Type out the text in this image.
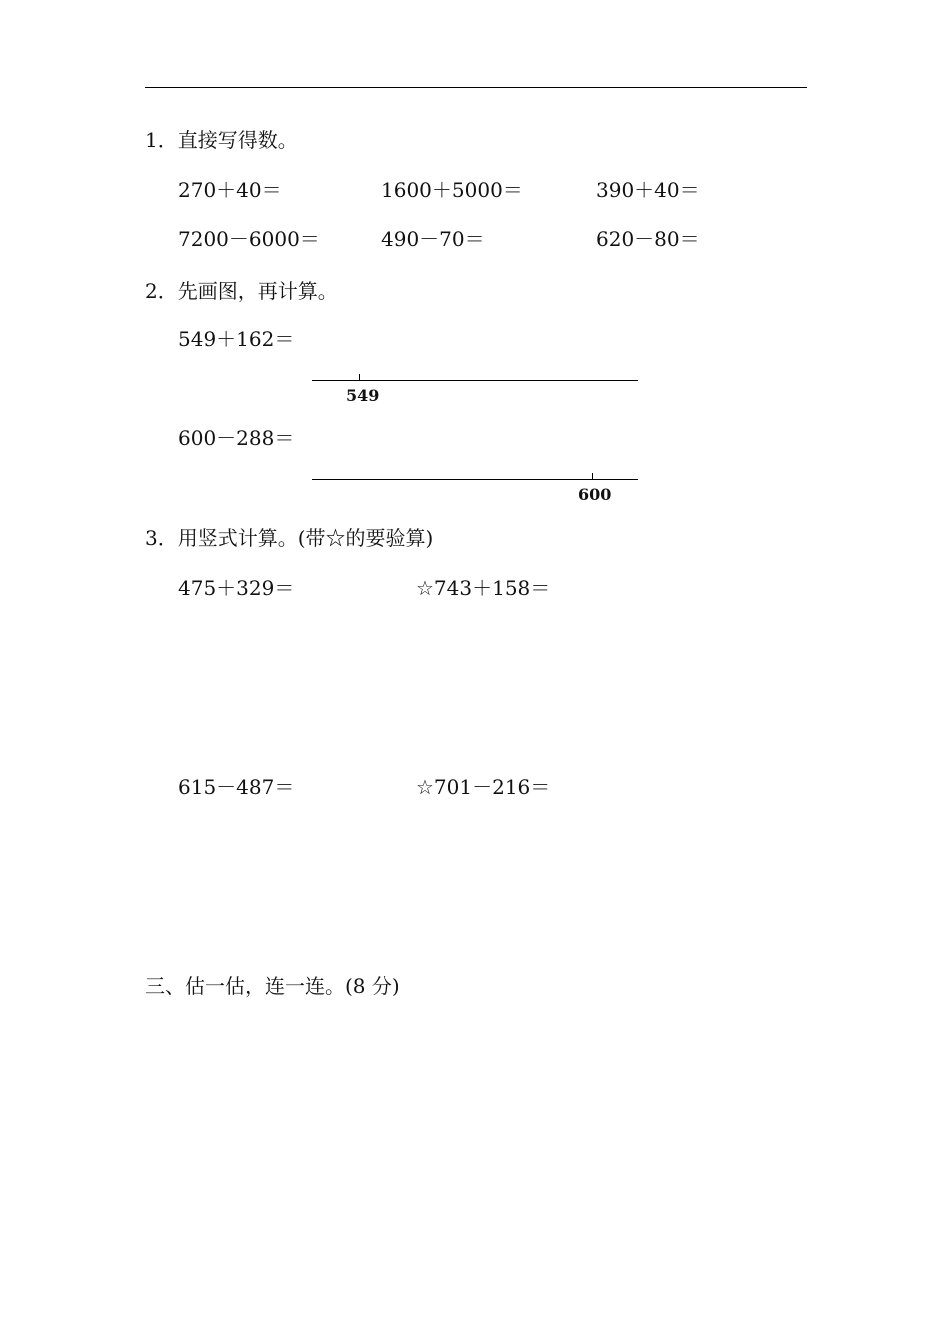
1．直接写得数。
270＋40＝	1600＋5000＝	390＋40＝
7200－6000＝	490－70＝	620－80＝
2．先画图，再计算。
549＋162＝
549
600－288＝
600
3．用竖式计算。(带☆的要验算)
475＋329＝	☆743＋158＝
615－487＝	☆701－216＝
三、估一估，连一连。(8 分)
